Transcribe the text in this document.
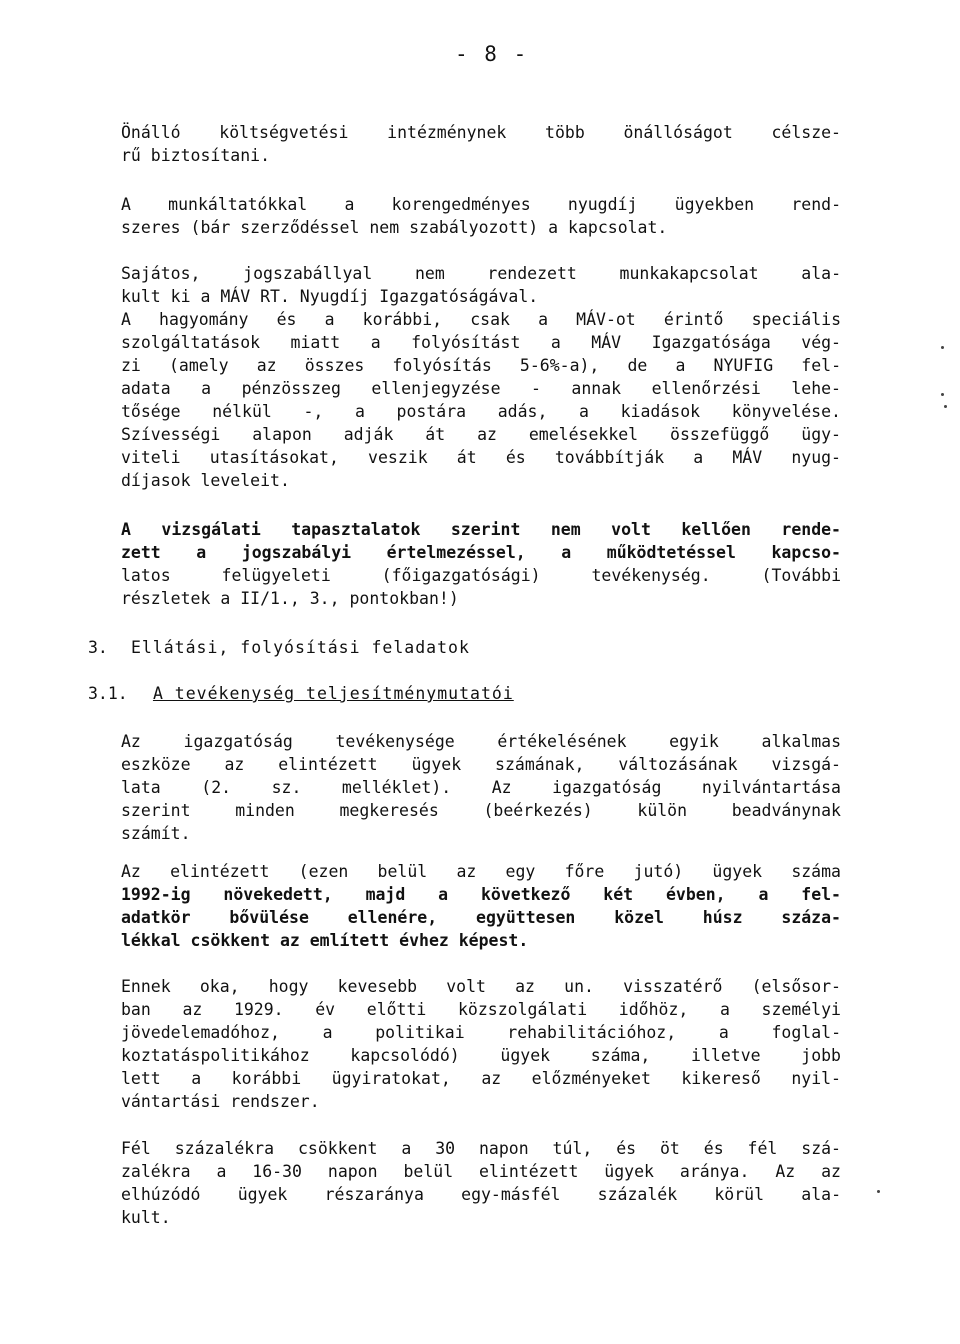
- 8 -
Önálló költségvetési intézménynek több önállóságot célsze-
rű biztosítani.
A munkáltatókkal a korengedményes nyugdíj ügyekben rend-
szeres (bár szerződéssel nem szabályozott) a kapcsolat.
Sajátos, jogszabállyal nem rendezett munkakapcsolat ala-
kult ki a MÁV RT. Nyugdíj Igazgatóságával.
A hagyomány és a korábbi, csak a MÁV-ot érintő speciális
szolgáltatások miatt a folyósítást a MÁV Igazgatósága vég-
zi (amely az összes folyósítás 5-6%-a), de a NYUFIG fel-
adata a pénzösszeg ellenjegyzése - annak ellenőrzési lehe-
tősége nélkül -, a postára adás, a kiadások könyvelése.
Szívességi alapon adják át az emelésekkel összefüggő ügy-
viteli utasításokat, veszik át és továbbítják a MÁV nyug-
díjasok leveleit.
A vizsgálati tapasztalatok szerint nem volt kellően rende-
zett a jogszabályi értelmezéssel, a működtetéssel kapcso-
latos felügyeleti (főigazgatósági) tevékenység. (További
részletek a II/1., 3., pontokban!)
3. Ellátási, folyósítási feladatok
3.1. A tevékenység teljesítménymutatói
Az igazgatóság tevékenysége értékelésének egyik alkalmas
eszköze az elintézett ügyek számának, változásának vizsgá-
lata (2. sz. melléklet). Az igazgatóság nyilvántartása
szerint minden megkeresés (beérkezés) külön beadványnak
számít.
Az elintézett (ezen belül az egy főre jutó) ügyek száma
1992-ig növekedett, majd a következő két évben, a fel-
adatkör bővülése ellenére, együttesen közel húsz száza-
lékkal csökkent az említett évhez képest.
Ennek oka, hogy kevesebb volt az un. visszatérő (elsősor-
ban az 1929. év előtti közszolgálati időhöz, a személyi
jövedelemadóhoz, a politikai rehabilitációhoz, a foglal-
koztatáspolitikához kapcsolódó) ügyek száma, illetve jobb
lett a korábbi ügyiratokat, az előzményeket kikereső nyil-
vántartási rendszer.
Fél százalékra csökkent a 30 napon túl, és öt és fél szá-
zalékra a 16-30 napon belül elintézett ügyek aránya. Az az
elhúzódó ügyek részaránya egy-másfél százalék körül ala-
kult.
